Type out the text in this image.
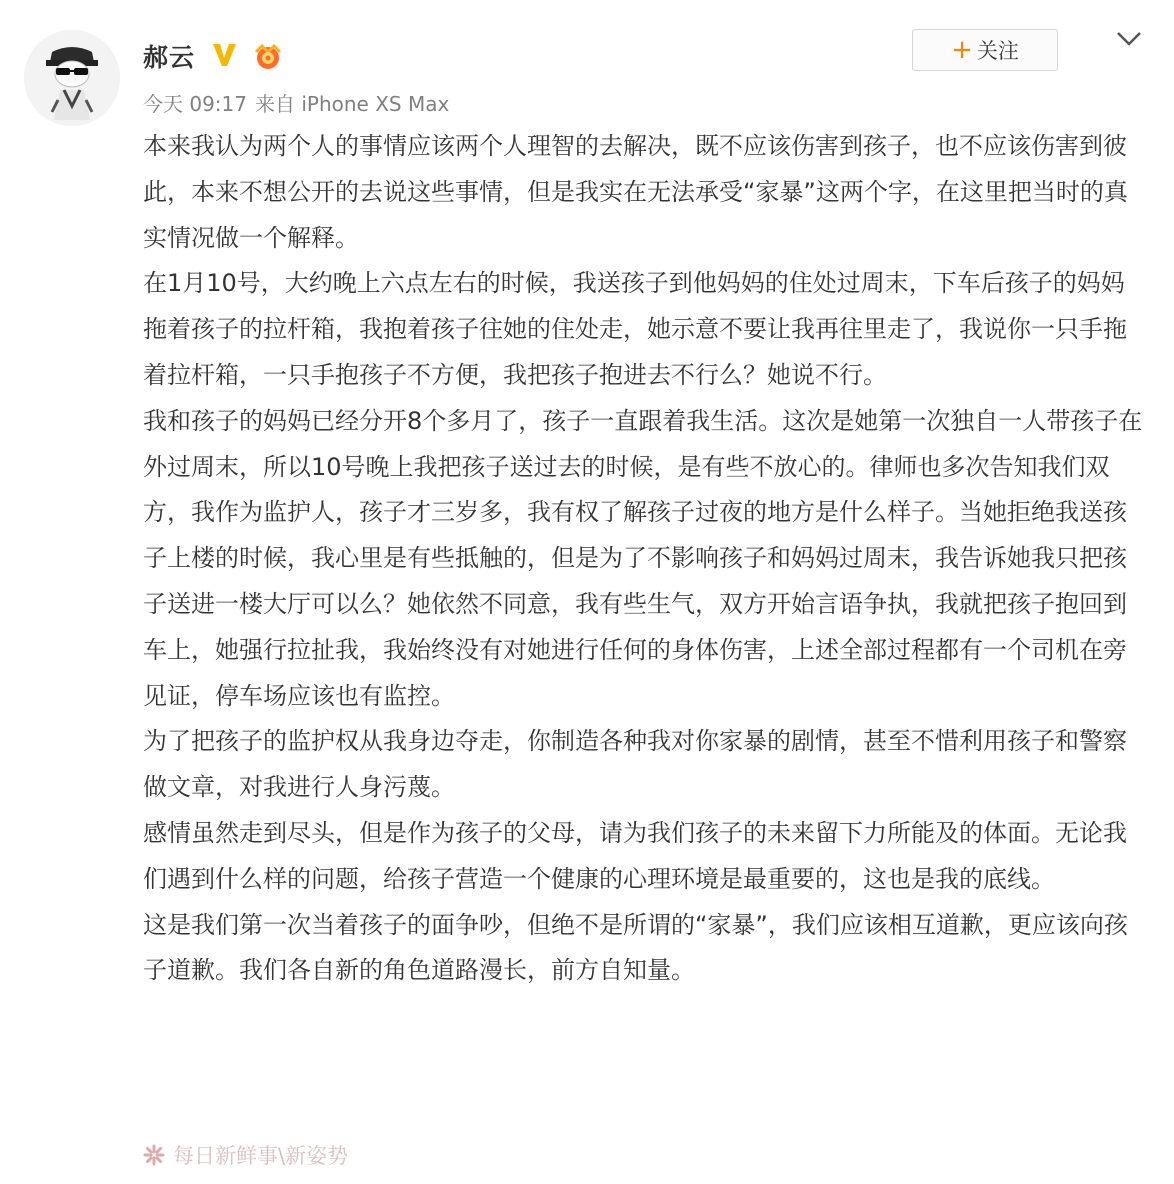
郝云	+ 关注
今天 09:17 来自 iPhone XS Max

本来我认为两个人的事情应该两个人理智的去解决，既不应该伤害到孩子，也不应该伤害到彼此，本来不想公开的去说这些事情，但是我实在无法承受“家暴”这两个字，在这里把当时的真实情况做一个解释。

在1月10号，大约晚上六点左右的时候，我送孩子到他妈妈的住处过周末，下车后孩子的妈妈拖着孩子的拉杆箱，我抱着孩子往她的住处走，她示意不要让我再往里走了，我说你一只手拖着拉杆箱，一只手抱孩子不方便，我把孩子抱进去不行么？她说不行。

我和孩子的妈妈已经分开8个多月了，孩子一直跟着我生活。这次是她第一次独自一人带孩子在外过周末，所以10号晚上我把孩子送过去的时候，是有些不放心的。律师也多次告知我们双方，我作为监护人，孩子才三岁多，我有权了解孩子过夜的地方是什么样子。当她拒绝我送孩子上楼的时候，我心里是有些抵触的，但是为了不影响孩子和妈妈过周末，我告诉她我只把孩子送进一楼大厅可以么？她依然不同意，我有些生气，双方开始言语争执，我就把孩子抱回到车上，她强行拉扯我，我始终没有对她进行任何的身体伤害，上述全部过程都有一个司机在旁见证，停车场应该也有监控。

为了把孩子的监护权从我身边夺走，你制造各种我对你家暴的剧情，甚至不惜利用孩子和警察做文章，对我进行人身污蔑。

感情虽然走到尽头，但是作为孩子的父母，请为我们孩子的未来留下力所能及的体面。无论我们遇到什么样的问题，给孩子营造一个健康的心理环境是最重要的，这也是我的底线。

这是我们第一次当着孩子的面争吵，但绝不是所谓的“家暴”，我们应该相互道歉，更应该向孩子道歉。我们各自新的角色道路漫长，前方自知量。

每日新鲜事\新姿势
